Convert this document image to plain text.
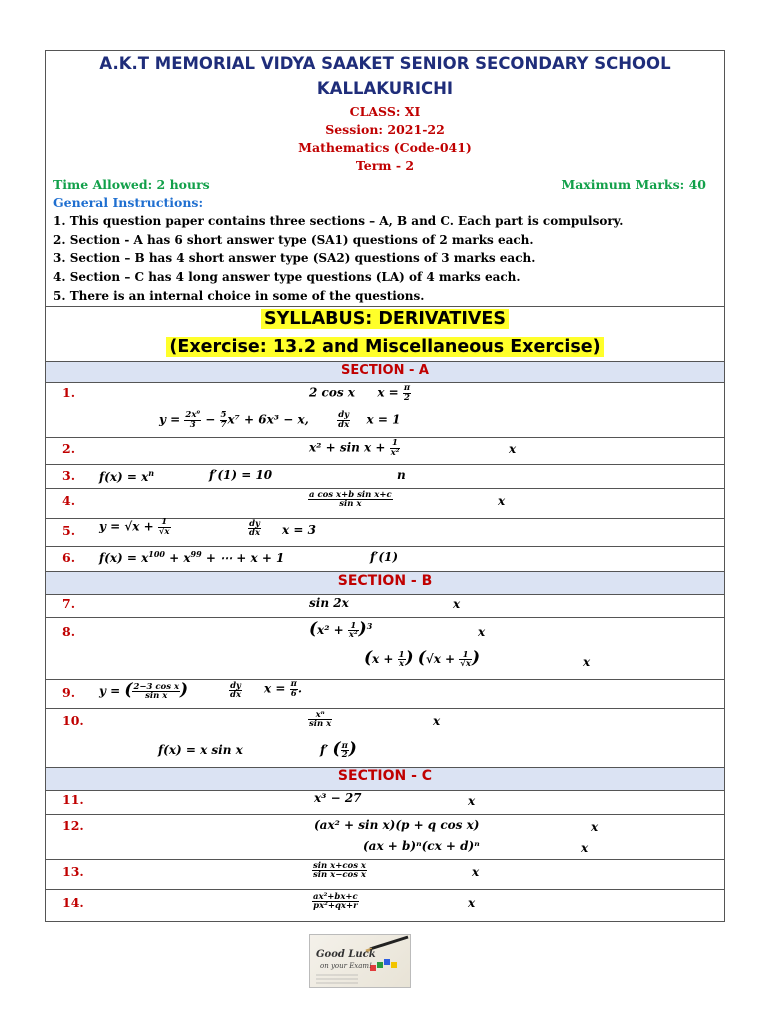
A.K.T MEMORIAL VIDYA SAAKET SENIOR SECONDARY SCHOOL
KALLAKURICHI
CLASS: XI
Session: 2021-22
Mathematics (Code-041)
Term - 2
Time Allowed: 2 hours	Maximum Marks: 40
General Instructions:
1. This question paper contains three sections – A, B and C. Each part is compulsory.
2. Section - A has 6 short answer type (SA1) questions of 2 marks each.
3. Section – B has 4 short answer type (SA2) questions of 3 marks each.
4. Section – C has 4 long answer type questions (LA) of 4 marks each.
5. There is an internal choice in some of the questions.
SYLLABUS: DERIVATIVES
(Exercise: 13.2 and Miscellaneous Exercise)
SECTION - A
1.	2 cos x $x = \frac{\pi}{2}$
$y = \frac{\text{2x⁹}}{3} - \frac{5}{7} x^7 + 6x^3 - x$,	$\frac{dy}{dx}$ x = 1
2.	$x^2 + \sin x + \frac{1}{\text{x²}}$	x
3. $f(x) = x^n$	f′(1) = 10	n
4.	$\frac{\text{a cos x+b sin x+c}}{\text{sin x}}$	x
5. $y = √x + \frac{1}{√x}$	$\frac{dy}{dx}$ x = 3
6. $f(x) = x^{100} + x^{99}$ + ⋯ + x + 1	f′(1)
SECTION - B
7.	sin 2x	x
8.	$(x^2 + \frac{1}{\text{x²}} )^3$	x
($x + \frac{1}{x}$ ) ($√x + \frac{1}{√x}$ )	x
9. y = ( $\frac{\text{2−3 cos x}}{\text{sin x}}$ )	$\frac{dy}{dx}$ $x = \frac{\pi}{6}$ .
10.	$\frac{\text{xⁿ}}{\text{sin x}}$	x
f(x) = x sin x	f′ ( $\frac{\pi}{2}$ )
SECTION - C
11.	x³ − 27	x
12.	(ax² + sin x)(p + q cos x)	x
(ax + b)ⁿ(cx + d)ⁿ	x
13.	$\frac{\text{sin x+cos x}}{\text{sin x−cos x}}$	x
14.	$\frac{\text{ax²+bx+c}}{\text{px²+qx+r}}$	x
Good Luck
on your Exam!
